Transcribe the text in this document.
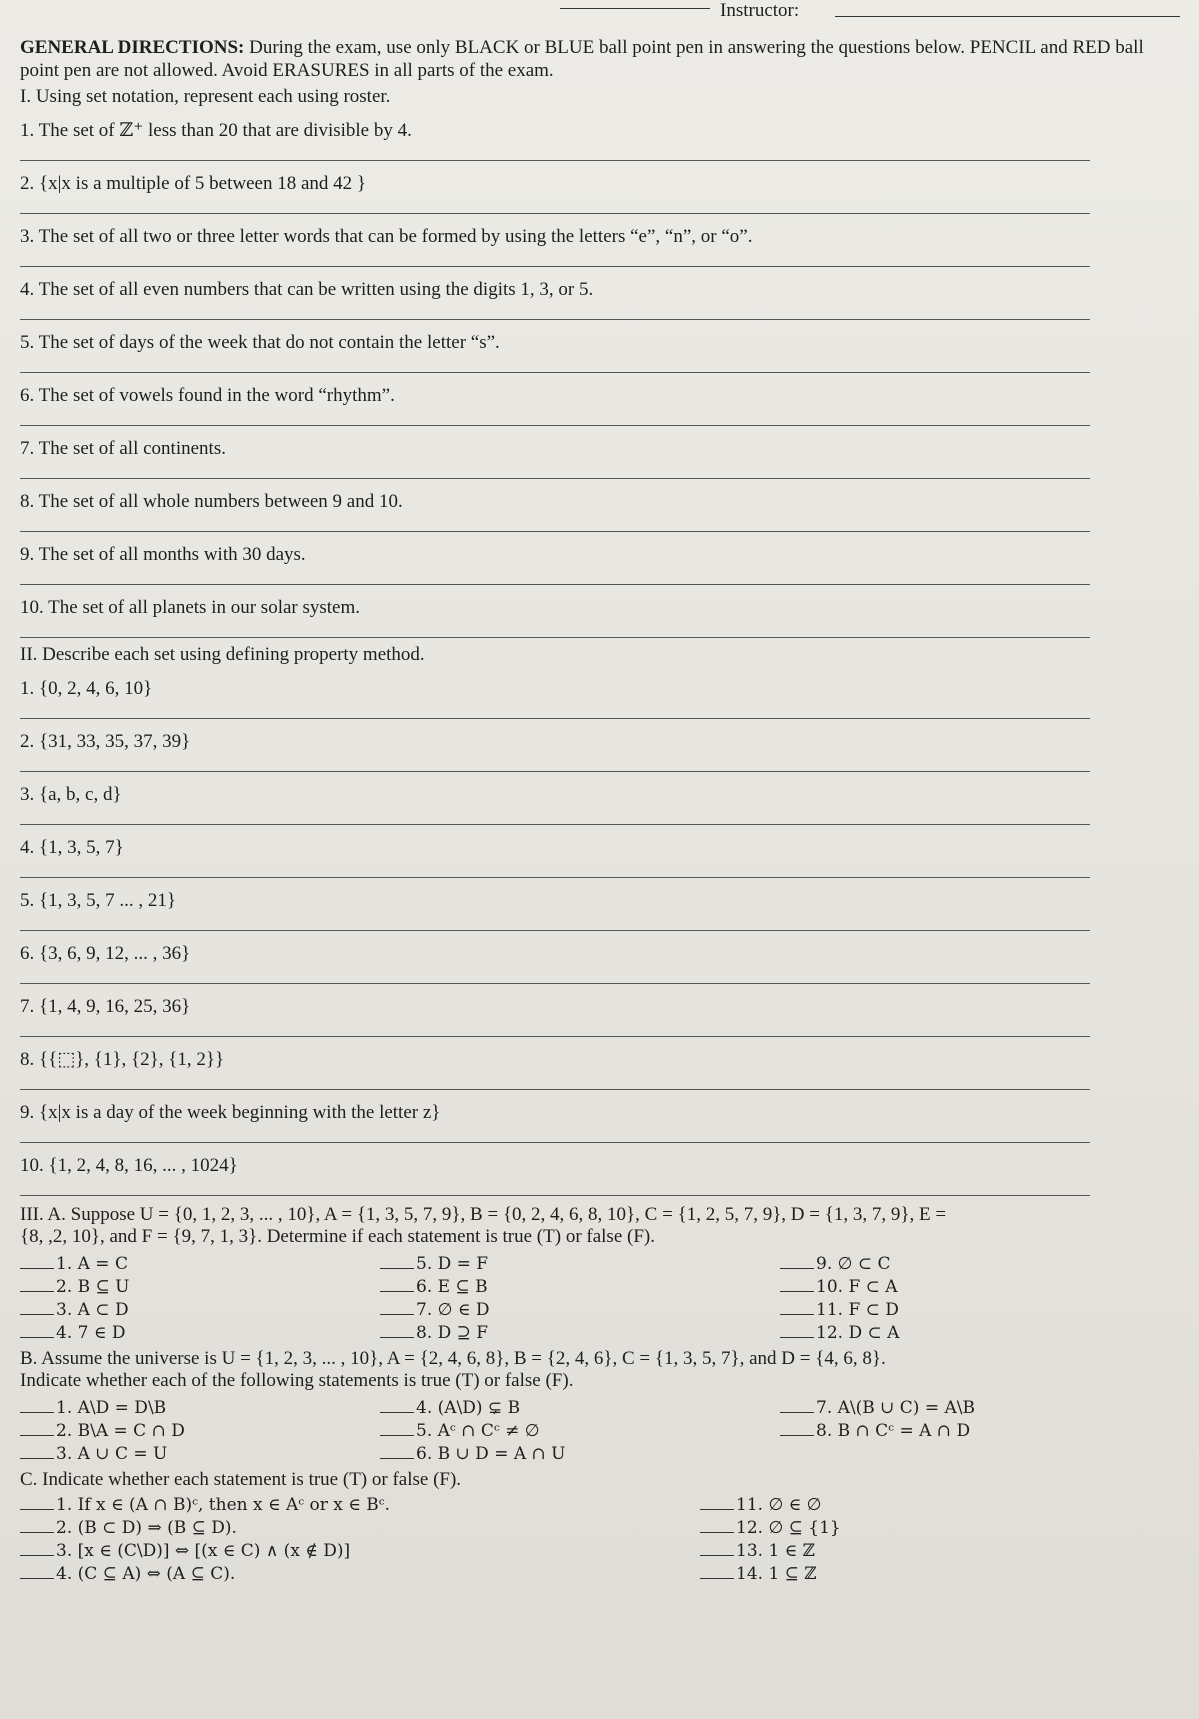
Instructor:

GENERAL DIRECTIONS: During the exam, use only BLACK or BLUE ball point pen in answering the questions below. PENCIL and RED ball point pen are not allowed. Avoid ERASURES in all parts of the exam.

I. Using set notation, represent each using roster.

1. The set of ℤ⁺ less than 20 that are divisible by 4.
2. {x|x is a multiple of 5 between 18 and 42 }
3. The set of all two or three letter words that can be formed by using the letters “e”, “n”, or “o”.
4. The set of all even numbers that can be written using the digits 1, 3, or 5.
5. The set of days of the week that do not contain the letter “s”.
6. The set of vowels found in the word “rhythm”.
7. The set of all continents.
8. The set of all whole numbers between 9 and 10.
9. The set of all months with 30 days.
10. The set of all planets in our solar system.

II. Describe each set using defining property method.

1. {0, 2, 4, 6, 10}
2. {31, 33, 35, 37, 39}
3. {a, b, c, d}
4. {1, 3, 5, 7}
5. {1, 3, 5, 7 ... , 21}
6. {3, 6, 9, 12, ... , 36}
7. {1, 4, 9, 16, 25, 36}
8. {{⬚}, {1}, {2}, {1, 2}}
9. {x|x is a day of the week beginning with the letter z}
10. {1, 2, 4, 8, 16, ... , 1024}

III. A. Suppose U = {0, 1, 2, 3, ... , 10}, A = {1, 3, 5, 7, 9}, B = {0, 2, 4, 6, 8, 10}, C = {1, 2, 5, 7, 9}, D = {1, 3, 7, 9}, E =

{8, ,2, 10}, and F = {9, 7, 1, 3}. Determine if each statement is true (T) or false (F).

1. A = C	5. D = F	9. ∅ ⊂ C
2. B ⊆ U	6. E ⊆ B	10. F ⊂ A
3. A ⊂ D	7. ∅ ∈ D	11. F ⊂ D
4. 7 ∈ D	8. D ⊇ F	12. D ⊂ A

B. Assume the universe is U = {1, 2, 3, ... , 10}, A = {2, 4, 6, 8}, B = {2, 4, 6}, C = {1, 3, 5, 7}, and D = {4, 6, 8}.

Indicate whether each of the following statements is true (T) or false (F).

1. A\D = D\B	4. (A\D) ⊊ B	7. A\(B ∪ C) = A\B
2. B\A = C ∩ D	5. Aᶜ ∩ Cᶜ ≠ ∅	8. B ∩ Cᶜ = A ∩ D
3. A ∪ C = U	6. B ∪ D = A ∩ U

C. Indicate whether each statement is true (T) or false (F).

1. If x ∈ (A ∩ B)ᶜ, then x ∈ Aᶜ or x ∈ Bᶜ.	11. ∅ ∈ ∅
2. (B ⊂ D) ⇒ (B ⊆ D).	12. ∅ ⊆ {1}
3. [x ∈ (C\D)] ⇔ [(x ∈ C) ∧ (x ∉ D)]	13. 1 ∈ ℤ
4. (C ⊆ A) ⇔ (A ⊆ C).	14. 1 ⊆ ℤ
